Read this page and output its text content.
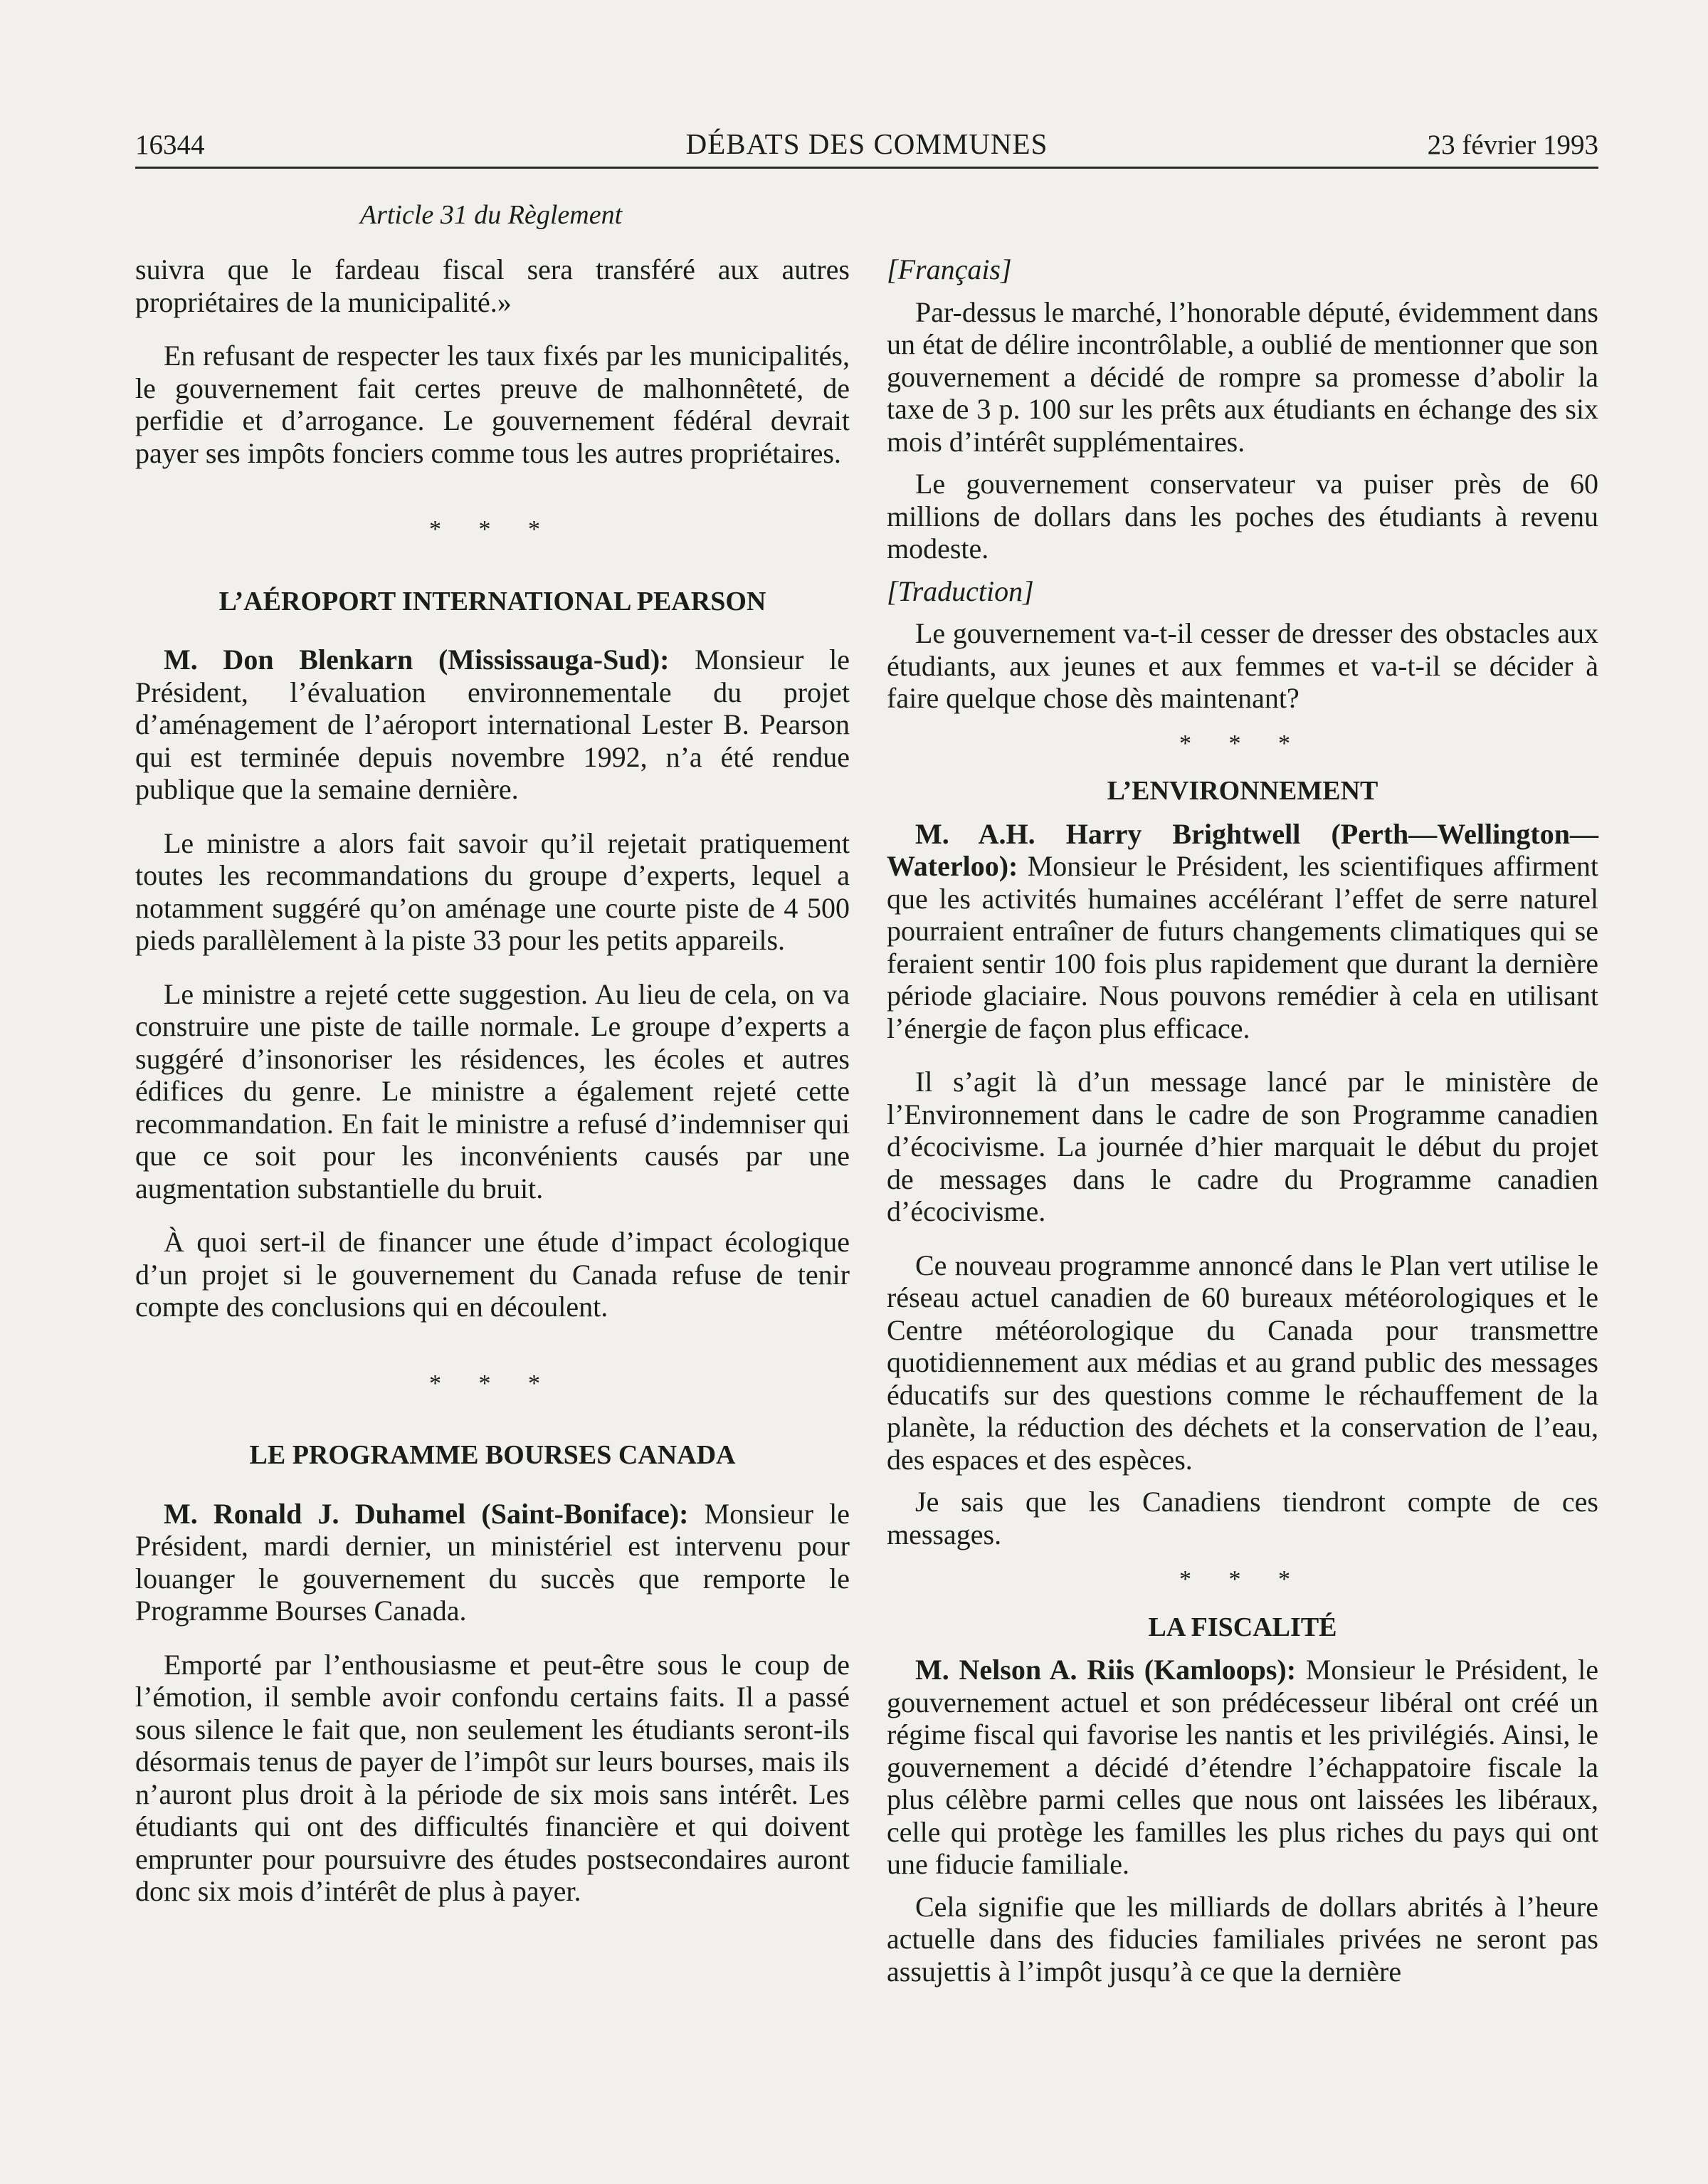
16344	DÉBATS DES COMMUNES	23 février 1993
Article 31 du Règlement

suivra que le fardeau fiscal sera transféré aux autres propriétaires de la municipalité.»

En refusant de respecter les taux fixés par les municipalités, le gouvernement fait certes preuve de malhonnêteté, de perfidie et d’arrogance. Le gouvernement fédéral devrait payer ses impôts fonciers comme tous les autres propriétaires.

* * *

L’AÉROPORT INTERNATIONAL PEARSON

M. Don Blenkarn (Mississauga-Sud): Monsieur le Président, l’évaluation environnementale du projet d’aménagement de l’aéroport international Lester B. Pearson qui est terminée depuis novembre 1992, n’a été rendue publique que la semaine dernière.

Le ministre a alors fait savoir qu’il rejetait pratiquement toutes les recommandations du groupe d’experts, lequel a notamment suggéré qu’on aménage une courte piste de 4 500 pieds parallèlement à la piste 33 pour les petits appareils.

Le ministre a rejeté cette suggestion. Au lieu de cela, on va construire une piste de taille normale. Le groupe d’experts a suggéré d’insonoriser les résidences, les écoles et autres édifices du genre. Le ministre a également rejeté cette recommandation. En fait le ministre a refusé d’indemniser qui que ce soit pour les inconvénients causés par une augmentation substantielle du bruit.

À quoi sert-il de financer une étude d’impact écologique d’un projet si le gouvernement du Canada refuse de tenir compte des conclusions qui en découlent.

* * *

LE PROGRAMME BOURSES CANADA

M. Ronald J. Duhamel (Saint-Boniface): Monsieur le Président, mardi dernier, un ministériel est intervenu pour louanger le gouvernement du succès que remporte le Programme Bourses Canada.

Emporté par l’enthousiasme et peut-être sous le coup de l’émotion, il semble avoir confondu certains faits. Il a passé sous silence le fait que, non seulement les étudiants seront-ils désormais tenus de payer de l’impôt sur leurs bourses, mais ils n’auront plus droit à la période de six mois sans intérêt. Les étudiants qui ont des difficultés financière et qui doivent emprunter pour poursuivre des études postsecondaires auront donc six mois d’intérêt de plus à payer.

[Français]

Par-dessus le marché, l’honorable député, évidemment dans un état de délire incontrôlable, a oublié de mentionner que son gouvernement a décidé de rompre sa promesse d’abolir la taxe de 3 p. 100 sur les prêts aux étudiants en échange des six mois d’intérêt supplémentaires.

Le gouvernement conservateur va puiser près de 60 millions de dollars dans les poches des étudiants à revenu modeste.

[Traduction]

Le gouvernement va-t-il cesser de dresser des obstacles aux étudiants, aux jeunes et aux femmes et va-t-il se décider à faire quelque chose dès maintenant?

* * *

L’ENVIRONNEMENT

M. A.H. Harry Brightwell (Perth—Wellington—Waterloo): Monsieur le Président, les scientifiques affirment que les activités humaines accélérant l’effet de serre naturel pourraient entraîner de futurs changements climatiques qui se feraient sentir 100 fois plus rapidement que durant la dernière période glaciaire. Nous pouvons remédier à cela en utilisant l’énergie de façon plus efficace.

Il s’agit là d’un message lancé par le ministère de l’Environnement dans le cadre de son Programme canadien d’écocivisme. La journée d’hier marquait le début du projet de messages dans le cadre du Programme canadien d’écocivisme.

Ce nouveau programme annoncé dans le Plan vert utilise le réseau actuel canadien de 60 bureaux météorologiques et le Centre météorologique du Canada pour transmettre quotidiennement aux médias et au grand public des messages éducatifs sur des questions comme le réchauffement de la planète, la réduction des déchets et la conservation de l’eau, des espaces et des espèces.

Je sais que les Canadiens tiendront compte de ces messages.

* * *

LA FISCALITÉ

M. Nelson A. Riis (Kamloops): Monsieur le Président, le gouvernement actuel et son prédécesseur libéral ont créé un régime fiscal qui favorise les nantis et les privilégiés. Ainsi, le gouvernement a décidé d’étendre l’échappatoire fiscale la plus célèbre parmi celles que nous ont laissées les libéraux, celle qui protège les familles les plus riches du pays qui ont une fiducie familiale.

Cela signifie que les milliards de dollars abrités à l’heure actuelle dans des fiducies familiales privées ne seront pas assujettis à l’impôt jusqu’à ce que la dernière
